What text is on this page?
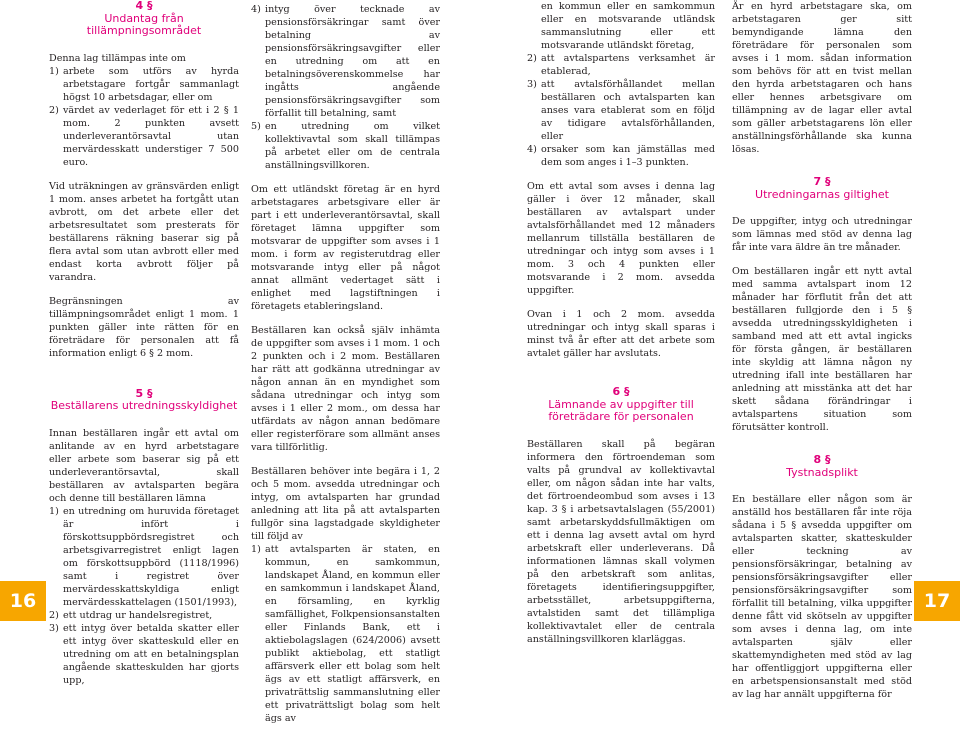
4 §
Undantag från tillämpningsområdet

Denna lag tillämpas inte om

1) arbete som utförs av hyrda arbetstagare fortgår sammanlagt högst 10 arbetsdagar, eller om
2) värdet av vederlaget för ett i 2 § 1 mom. 2 punkten avsett underleverantörsavtal utan mervärdesskatt understiger 7 500 euro.

Vid uträkningen av gränsvärden enligt 1 mom. anses arbetet ha fortgått utan avbrott, om det arbete eller det arbetsresultatet som presterats för beställarens räkning baserar sig på flera avtal som utan avbrott eller med endast korta avbrott följer på varandra.

Begränsningen av tillämpningsområdet enligt 1 mom. 1 punkten gäller inte rätten för en företrädare för personalen att få information enligt 6 § 2 mom.

5 §
Beställarens utredningsskyldighet

Innan beställaren ingår ett avtal om anlitande av en hyrd arbetstagare eller arbete som baserar sig på ett underleverantörsavtal, skall beställaren av avtalsparten begära och denne till beställaren lämna

1) en utredning om huruvida företaget är infört i förskottsuppbördsregistret och arbetsgivarregistret enligt lagen om förskottsuppbörd (1118/1996) samt i registret över mervärdesskattskyldiga enligt mervärdesskattelagen (1501/1993),
2) ett utdrag ur handelsregistret,
3) ett intyg över betalda skatter eller ett intyg över skatteskuld eller en utredning om att en betalningsplan angående skatteskulden har gjorts upp,
4) intyg över tecknade av pensionsförsäkringar samt över betalning av pensionsförsäkringsavgifter eller en utredning om att en betalningsöverenskommelse har ingåtts angående pensionsförsäkringsavgifter som förfallit till betalning, samt
5) en utredning om vilket kollektivavtal som skall tillämpas på arbetet eller om de centrala anställningsvillkoren.

Om ett utländskt företag är en hyrd arbetstagares arbetsgivare eller är part i ett underleverantörsavtal, skall företaget lämna uppgifter som motsvarar de uppgifter som avses i 1 mom. i form av registerutdrag eller motsvarande intyg eller på något annat allmänt vedertaget sätt i enlighet med lagstiftningen i företagets etableringsland.

Beställaren kan också själv inhämta de uppgifter som avses i 1 mom. 1 och 2 punkten och i 2 mom. Beställaren har rätt att godkänna utredningar av någon annan än en myndighet som sådana utredningar och intyg som avses i 1 eller 2 mom., om dessa har utfärdats av någon annan bedömare eller registerförare som allmänt anses vara tillförlitlig.

Beställaren behöver inte begära i 1, 2 och 5 mom. avsedda utredningar och intyg, om avtalsparten har grundad anledning att lita på att avtalsparten fullgör sina lagstadgade skyldigheter till följd av

1) att avtalsparten är staten, en kommun, en samkommun, landskapet Åland, en kommun eller en samkommun i landskapet Åland, en församling, en kyrklig samfällighet, Folkpensionsanstalten eller Finlands Bank, ett i aktiebolagslagen (624/2006) avsett publikt aktiebolag, ett statligt affärsverk eller ett bolag som helt ägs av ett statligt affärsverk, en privaträttslig sammanslutning eller ett privaträttsligt bolag som helt ägs av

en kommun eller en samkommun eller en motsvarande utländsk sammanslutning eller ett motsvarande utländskt företag,

2) att avtalspartens verksamhet är etablerad,
3) att avtalsförhållandet mellan beställaren och avtalsparten kan anses vara etablerat som en följd av tidigare avtalsförhållanden, eller
4) orsaker som kan jämställas med dem som anges i 1–3 punkten.

Om ett avtal som avses i denna lag gäller i över 12 månader, skall beställaren av avtalspart under avtalsförhållandet med 12 månaders mellanrum tillställa beställaren de utredningar och intyg som avses i 1 mom. 3 och 4 punkten eller motsvarande i 2 mom. avsedda uppgifter.

Ovan i 1 och 2 mom. avsedda utredningar och intyg skall sparas i minst två år efter att det arbete som avtalet gäller har avslutats.

6 §
Lämnande av uppgifter till företrädare för personalen

Beställaren skall på begäran informera den förtroendeman som valts på grundval av kollektivavtal eller, om någon sådan inte har valts, det förtroendeombud som avses i 13 kap. 3 § i arbetsavtalslagen (55/2001) samt arbetarskyddsfullmäktigen om ett i denna lag avsett avtal om hyrd arbetskraft eller underleverans. Då informationen lämnas skall volymen på den arbetskraft som anlitas, företagets identifieringsuppgifter, arbetsstället, arbetsuppgifterna, avtalstiden samt det tillämpliga kollektivavtalet eller de centrala anställningsvillkoren klarläggas.

Är en hyrd arbetstagare ska, om arbetstagaren ger sitt bemyndigande lämna den företrädare för personalen som avses i 1 mom. sådan information som behövs för att en tvist mellan den hyrda arbetstagaren och hans eller hennes arbetsgivare om tillämpning av de lagar eller avtal som gäller arbetstagarens lön eller anställningsförhållande ska kunna lösas.

7 §
Utredningarnas giltighet

De uppgifter, intyg och utredningar som lämnas med stöd av denna lag får inte vara äldre än tre månader.

Om beställaren ingår ett nytt avtal med samma avtalspart inom 12 månader har förflutit från det att beställaren fullgjorde den i 5 § avsedda utredningsskyldigheten i samband med att ett avtal ingicks för första gången, är beställaren inte skyldig att lämna någon ny utredning ifall inte beställaren har anledning att misstänka att det har skett sådana förändringar i avtalspartens situation som förutsätter kontroll.

8 §
Tystnadsplikt

En beställare eller någon som är anställd hos beställaren får inte röja sådana i 5 § avsedda uppgifter om avtalsparten skatter, skatteskulder eller teckning av pensionsförsäkringar, betalning av pensionsförsäkringsavgifter eller pensionsförsäkringsavgifter som förfallit till betalning, vilka uppgifter denne fått vid skötseln av uppgifter som avses i denna lag, om inte avtalsparten själv eller skattemyndigheten med stöd av lag har offentliggjort uppgifterna eller en arbetspensionsanstalt med stöd av lag har annält uppgifterna för

16	17
